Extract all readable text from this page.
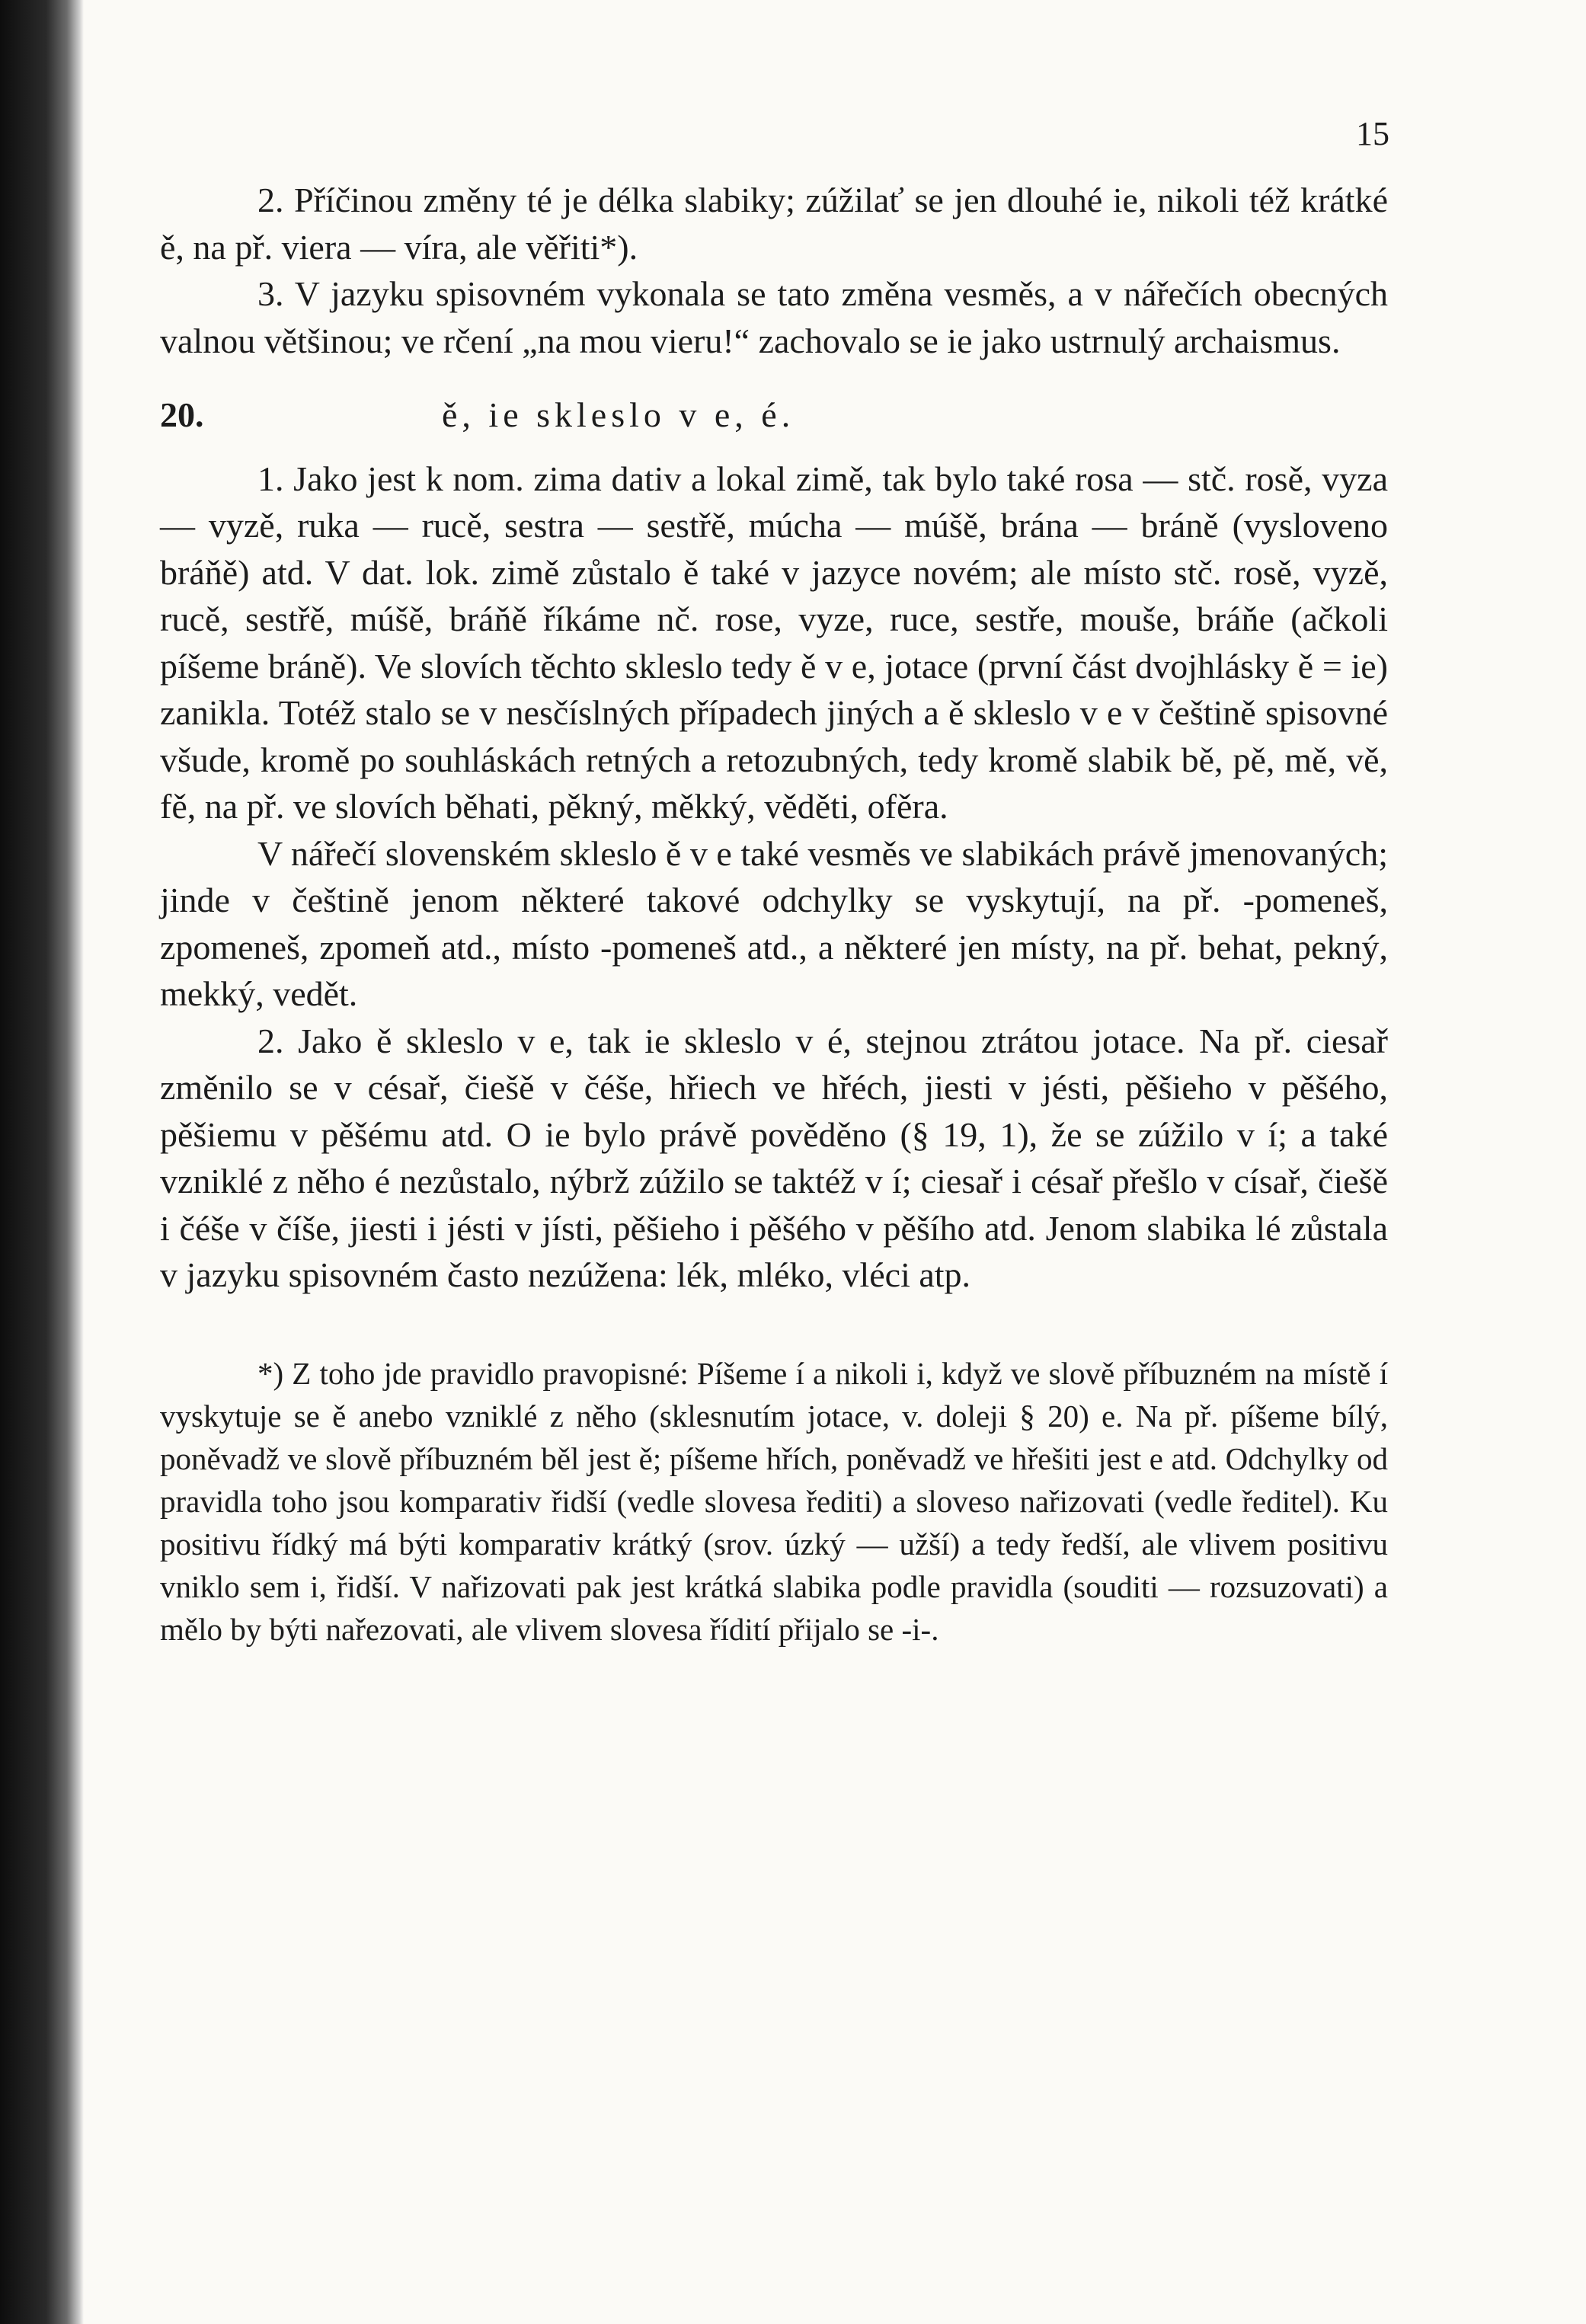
15

2. Příčinou změny té je délka slabiky; zúžilať se jen dlouhé ie, nikoli též krátké ě, na př. viera — víra, ale věřiti*).

3. V jazyku spisovném vykonala se tato změna vesměs, a v nářečích obecných valnou většinou; ve rčení „na mou vieru!“ zachovalo se ie jako ustrnulý archaismus.

20.	ě, ie skleslo v e, é.

1. Jako jest k nom. zima dativ a lokal zimě, tak bylo také rosa — stč. rosě, vyza — vyzě, ruka — rucě, sestra — sestřě, múcha — múšě, brána — bráně (vysloveno bráňě) atd. V dat. lok. zimě zůstalo ě také v jazyce novém; ale místo stč. rosě, vyzě, rucě, sestřě, múšě, bráňě říkáme nč. rose, vyze, ruce, sestře, mouše, bráňe (ačkoli píšeme bráně). Ve slovích těchto skleslo tedy ě v e, jotace (první část dvojhlásky ě = ie) zanikla. Totéž stalo se v nesčíslných případech jiných a ě skleslo v e v češtině spisovné všude, kromě po souhláskách retných a retozubných, tedy kromě slabik bě, pě, mě, vě, fě, na př. ve slovích běhati, pěkný, měkký, věděti, ofěra.

V nářečí slovenském skleslo ě v e také vesměs ve slabikách právě jmenovaných; jinde v češtině jenom některé takové odchylky se vyskytují, na př. -pomeneš, zpomeneš, zpomeň atd., místo -pomeneš atd., a některé jen místy, na př. behat, pekný, mekký, vedět.

2. Jako ě skleslo v e, tak ie skleslo v é, stejnou ztrátou jotace. Na př. ciesař změnilo se v césař, čiešě v čéše, hřiech ve hřéch, jiesti v jésti, pěšieho v pěšého, pěšiemu v pěšému atd. O ie bylo právě pověděno (§ 19, 1), že se zúžilo v í; a také vzniklé z něho é nezůstalo, nýbrž zúžilo se taktéž v í; ciesař i césař přešlo v císař, čiešě i čéše v číše, jiesti i jésti v jísti, pěšieho i pěšého v pěšího atd. Jenom slabika lé zůstala v jazyku spisovném často nezúžena: lék, mléko, vléci atp.

*) Z toho jde pravidlo pravopisné: Píšeme í a nikoli i, když ve slově příbuzném na místě í vyskytuje se ě anebo vzniklé z něho (sklesnutím jotace, v. doleji § 20) e. Na př. píšeme bílý, poněvadž ve slově příbuzném běl jest ě; píšeme hřích, poněvadž ve hřešiti jest e atd. Odchylky od pravidla toho jsou komparativ řidší (vedle slovesa řediti) a sloveso nařizovati (vedle ředitel). Ku positivu řídký má býti komparativ krátký (srov. úzký — užší) a tedy ředší, ale vlivem positivu vniklo sem i, řidší. V nařizovati pak jest krátká slabika podle pravidla (souditi — rozsuzovati) a mělo by býti nařezovati, ale vlivem slovesa řídití přijalo se -i-.
